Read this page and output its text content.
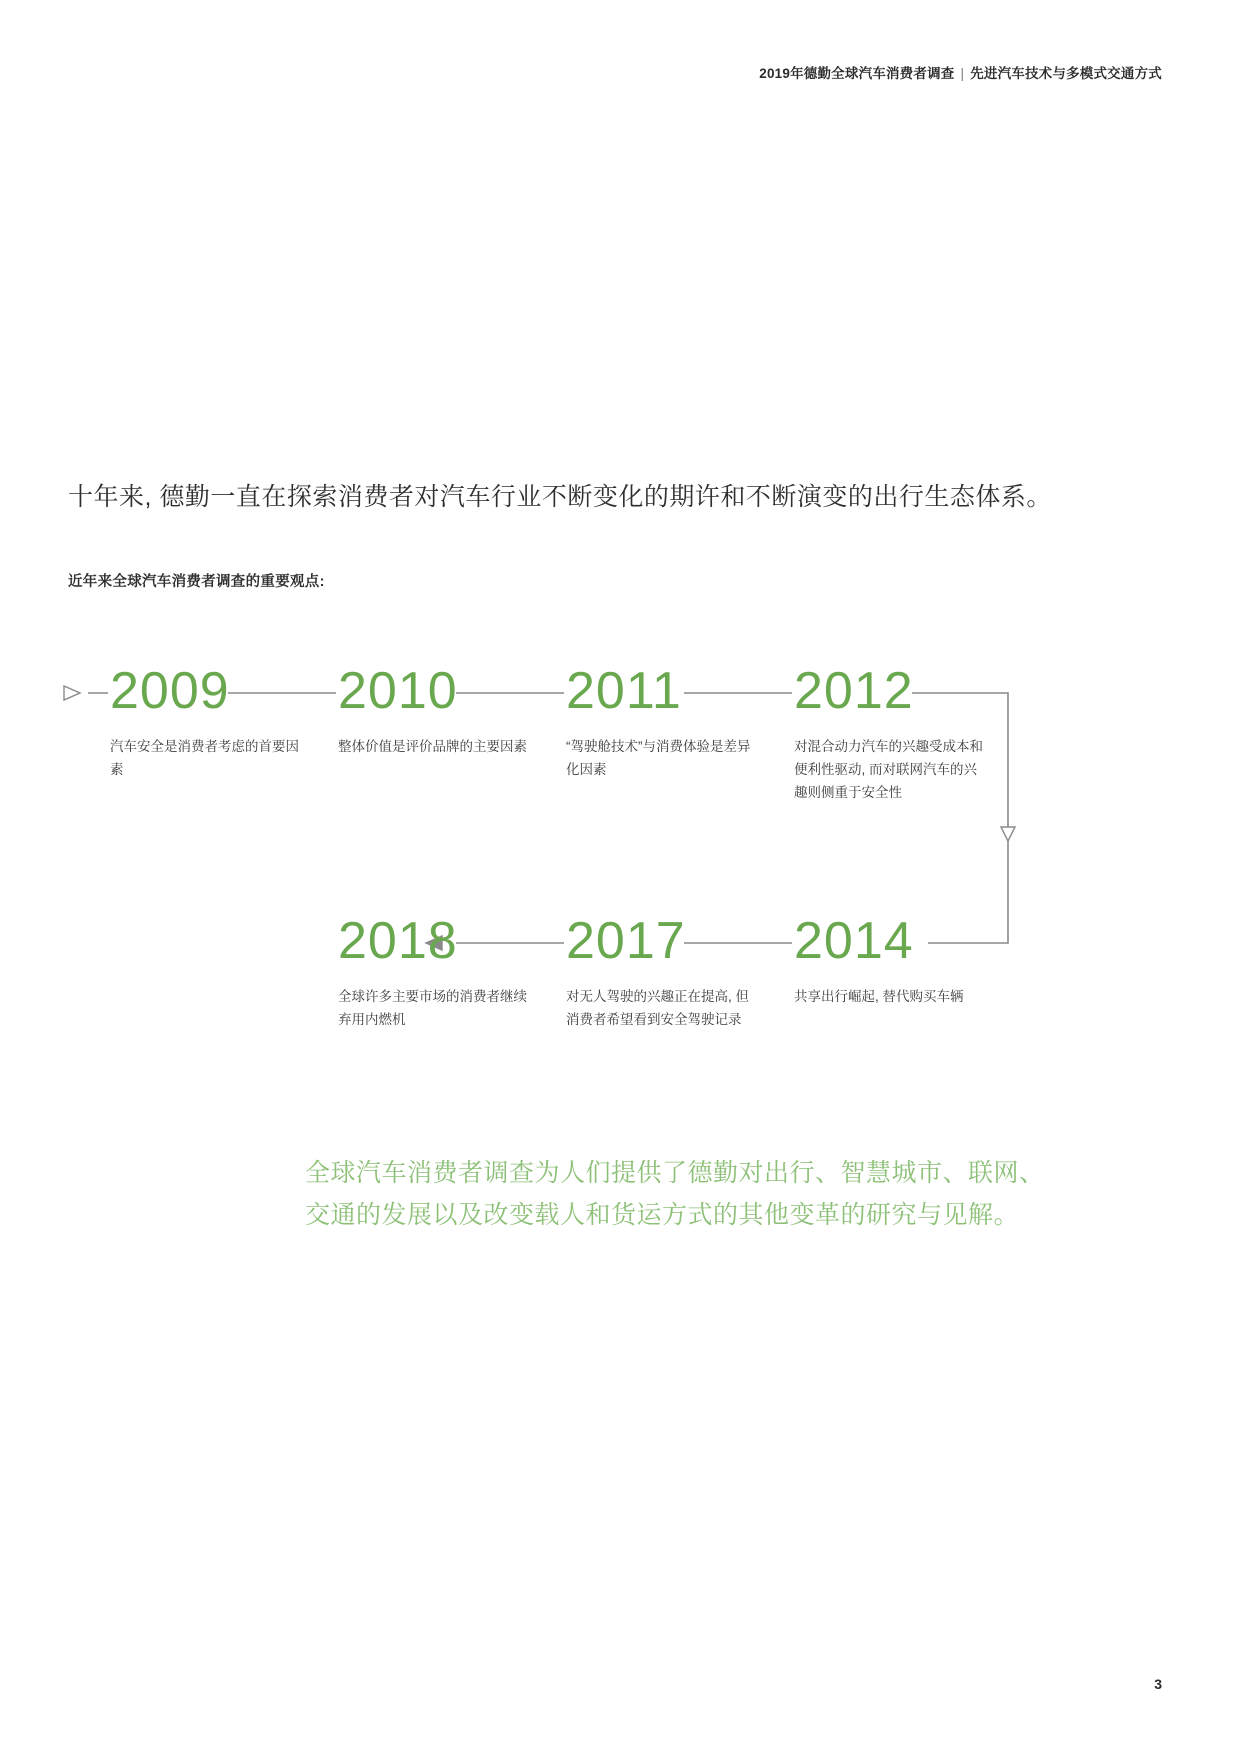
2019年德勤全球汽车消费者调查 | 先进汽车技术与多模式交通方式
十年来, 德勤一直在探索消费者对汽车行业不断变化的期许和不断演变的出行生态体系。
近年来全球汽车消费者调查的重要观点:
2009
汽车安全是消费者考虑的首要因素
2010
整体价值是评价品牌的主要因素
2011
“驾驶舱技术”与消费体验是差异化因素
2012
对混合动力汽车的兴趣受成本和便利性驱动, 而对联网汽车的兴趣则侧重于安全性
2018
全球许多主要市场的消费者继续弃用内燃机
2017
对无人驾驶的兴趣正在提高, 但消费者希望看到安全驾驶记录
2014
共享出行崛起, 替代购买车辆
全球汽车消费者调查为人们提供了德勤对出行、智慧城市、联网、交通的发展以及改变载人和货运方式的其他变革的研究与见解。
3
